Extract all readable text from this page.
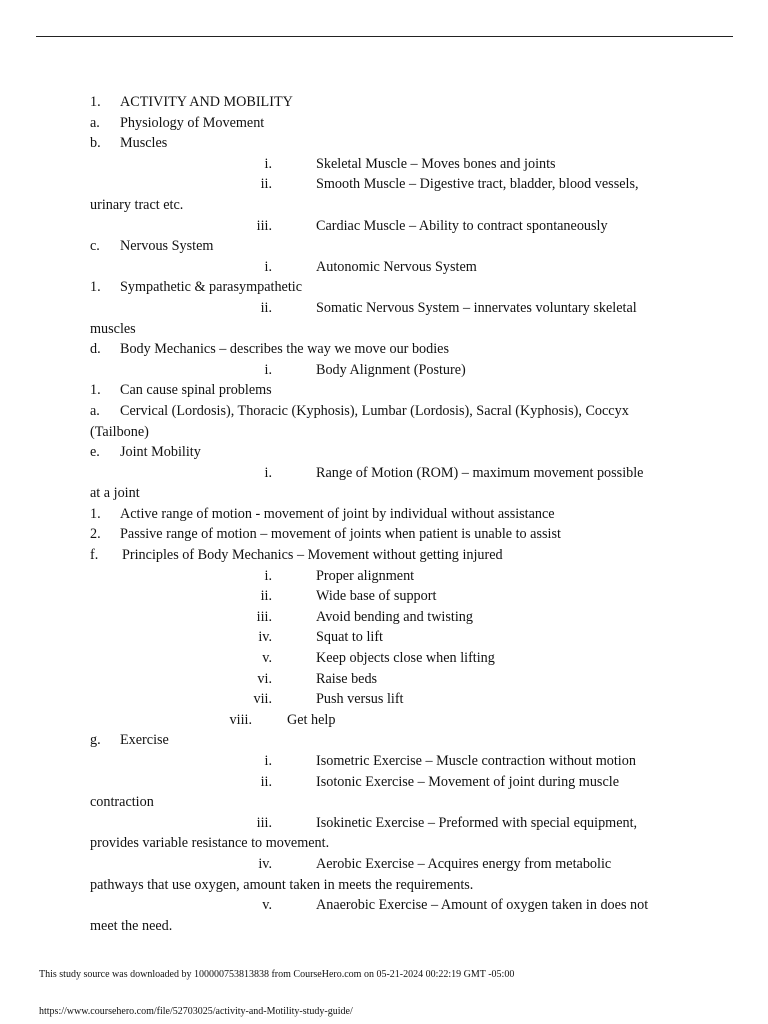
1. ACTIVITY AND MOBILITY
a. Physiology of Movement
b. Muscles
i.	Skeletal Muscle – Moves bones and joints
ii.	Smooth Muscle – Digestive tract, bladder, blood vessels,
urinary tract etc.
iii.	Cardiac Muscle – Ability to contract spontaneously
c. Nervous System
i.	Autonomic Nervous System
1. Sympathetic & parasympathetic
ii.	Somatic Nervous System – innervates voluntary skeletal
muscles
d. Body Mechanics – describes the way we move our bodies
i.	Body Alignment (Posture)
1. Can cause spinal problems
a. Cervical (Lordosis), Thoracic (Kyphosis), Lumbar (Lordosis), Sacral (Kyphosis), Coccyx
(Tailbone)
e. Joint Mobility
i.	Range of Motion (ROM) – maximum movement possible
at a joint
1. Active range of motion - movement of joint by individual without assistance
2. Passive range of motion – movement of joints when patient is unable to assist
f. Principles of Body Mechanics – Movement without getting injured
i.	Proper alignment
ii.	Wide base of support
iii.	Avoid bending and twisting
iv.	Squat to lift
v.	Keep objects close when lifting
vi.	Raise beds
vii.	Push versus lift
viii. Get help
g. Exercise
i.	Isometric Exercise – Muscle contraction without motion
ii.	Isotonic Exercise – Movement of joint during muscle
contraction
iii.	Isokinetic Exercise – Preformed with special equipment,
provides variable resistance to movement.
iv.	Aerobic Exercise – Acquires energy from metabolic
pathways that use oxygen, amount taken in meets the requirements.
v.	Anaerobic Exercise – Amount of oxygen taken in does not
meet the need.
This study source was downloaded by 100000753813838 from CourseHero.com on 05-21-2024 00:22:19 GMT -05:00
https://www.coursehero.com/file/52703025/activity-and-Motility-study-guide/
